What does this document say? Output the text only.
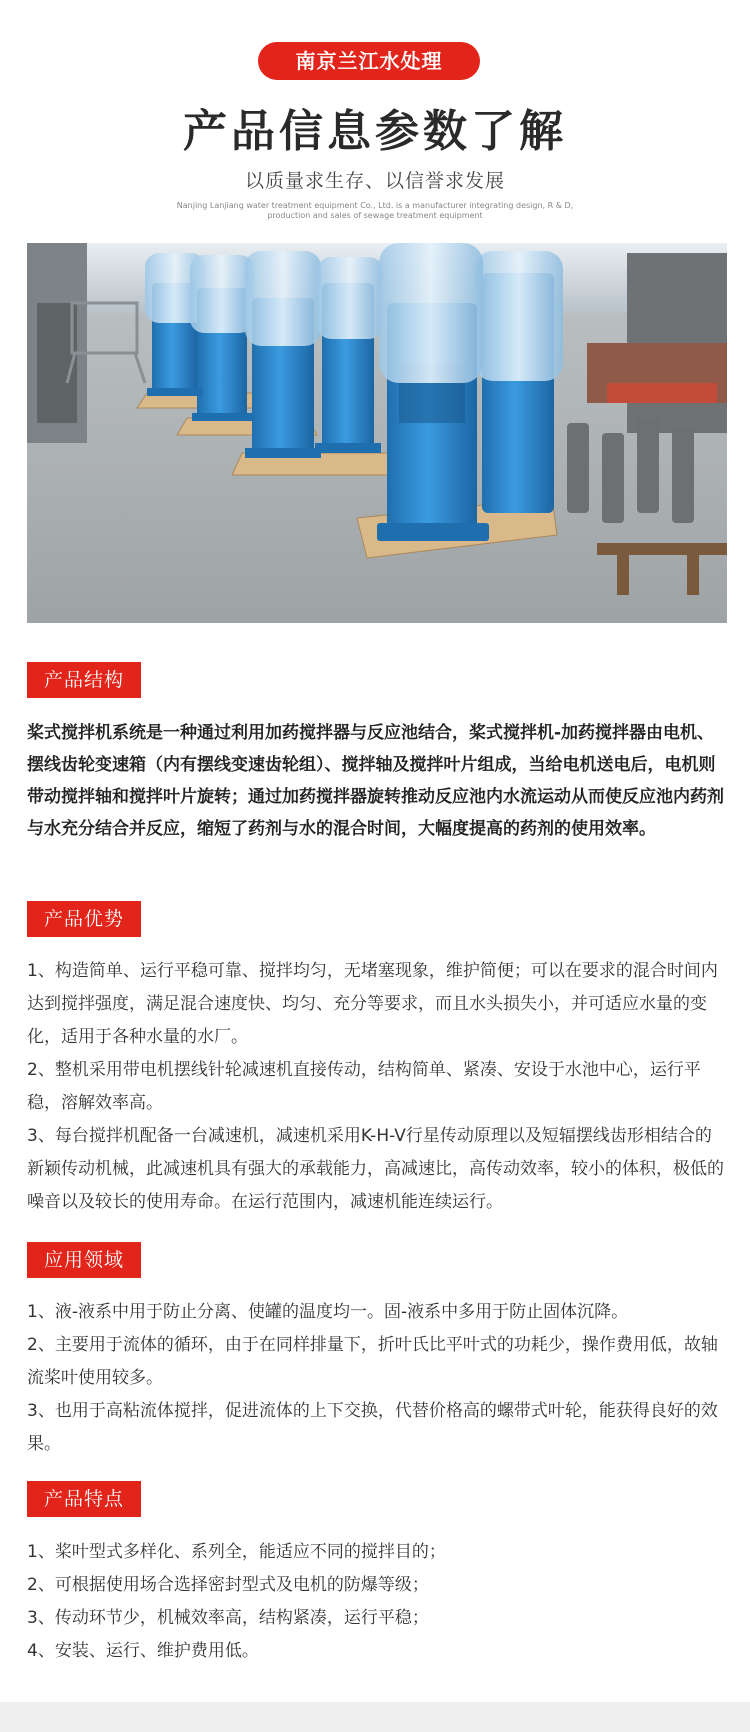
南京兰江水处理
产品信息参数了解
以质量求生存、以信誉求发展
Nanjing Lanjiang water treatment equipment Co., Ltd. is a manufacturer integrating design, R & D,
production and sales of sewage treatment equipment
产品结构

桨式搅拌机系统是一种通过利用加药搅拌器与反应池结合，桨式搅拌机-加药搅拌器由电机、摆线齿轮变速箱（内有摆线变速齿轮组）、搅拌轴及搅拌叶片组成，当给电机送电后，电机则带动搅拌轴和搅拌叶片旋转；通过加药搅拌器旋转推动反应池内水流运动从而使反应池内药剂与水充分结合并反应，缩短了药剂与水的混合时间，大幅度提高的药剂的使用效率。

产品优势
1、构造简单、运行平稳可靠、搅拌均匀，无堵塞现象，维护简便；可以在要求的混合时间内达到搅拌强度，满足混合速度快、均匀、充分等要求，而且水头损失小，并可适应水量的变化，适用于各种水量的水厂。
2、整机采用带电机摆线针轮减速机直接传动，结构简单、紧凑、安设于水池中心，运行平稳，溶解效率高。
3、每台搅拌机配备一台减速机，减速机采用K-H-V行星传动原理以及短辐摆线齿形相结合的新颖传动机械，此减速机具有强大的承载能力，高减速比，高传动效率，较小的体积，极低的噪音以及较长的使用寿命。在运行范围内，减速机能连续运行。
应用领域
1、液-液系中用于防止分离、使罐的温度均一。固-液系中多用于防止固体沉降。
2、主要用于流体的循环，由于在同样排量下，折叶氏比平叶式的功耗少，操作费用低，故轴流桨叶使用较多。
3、也用于高粘流体搅拌，促进流体的上下交换，代替价格高的螺带式叶轮，能获得良好的效果。
产品特点
1、桨叶型式多样化、系列全，能适应不同的搅拌目的；
2、可根据使用场合选择密封型式及电机的防爆等级；
3、传动环节少，机械效率高，结构紧凑，运行平稳；
4、安装、运行、维护费用低。
